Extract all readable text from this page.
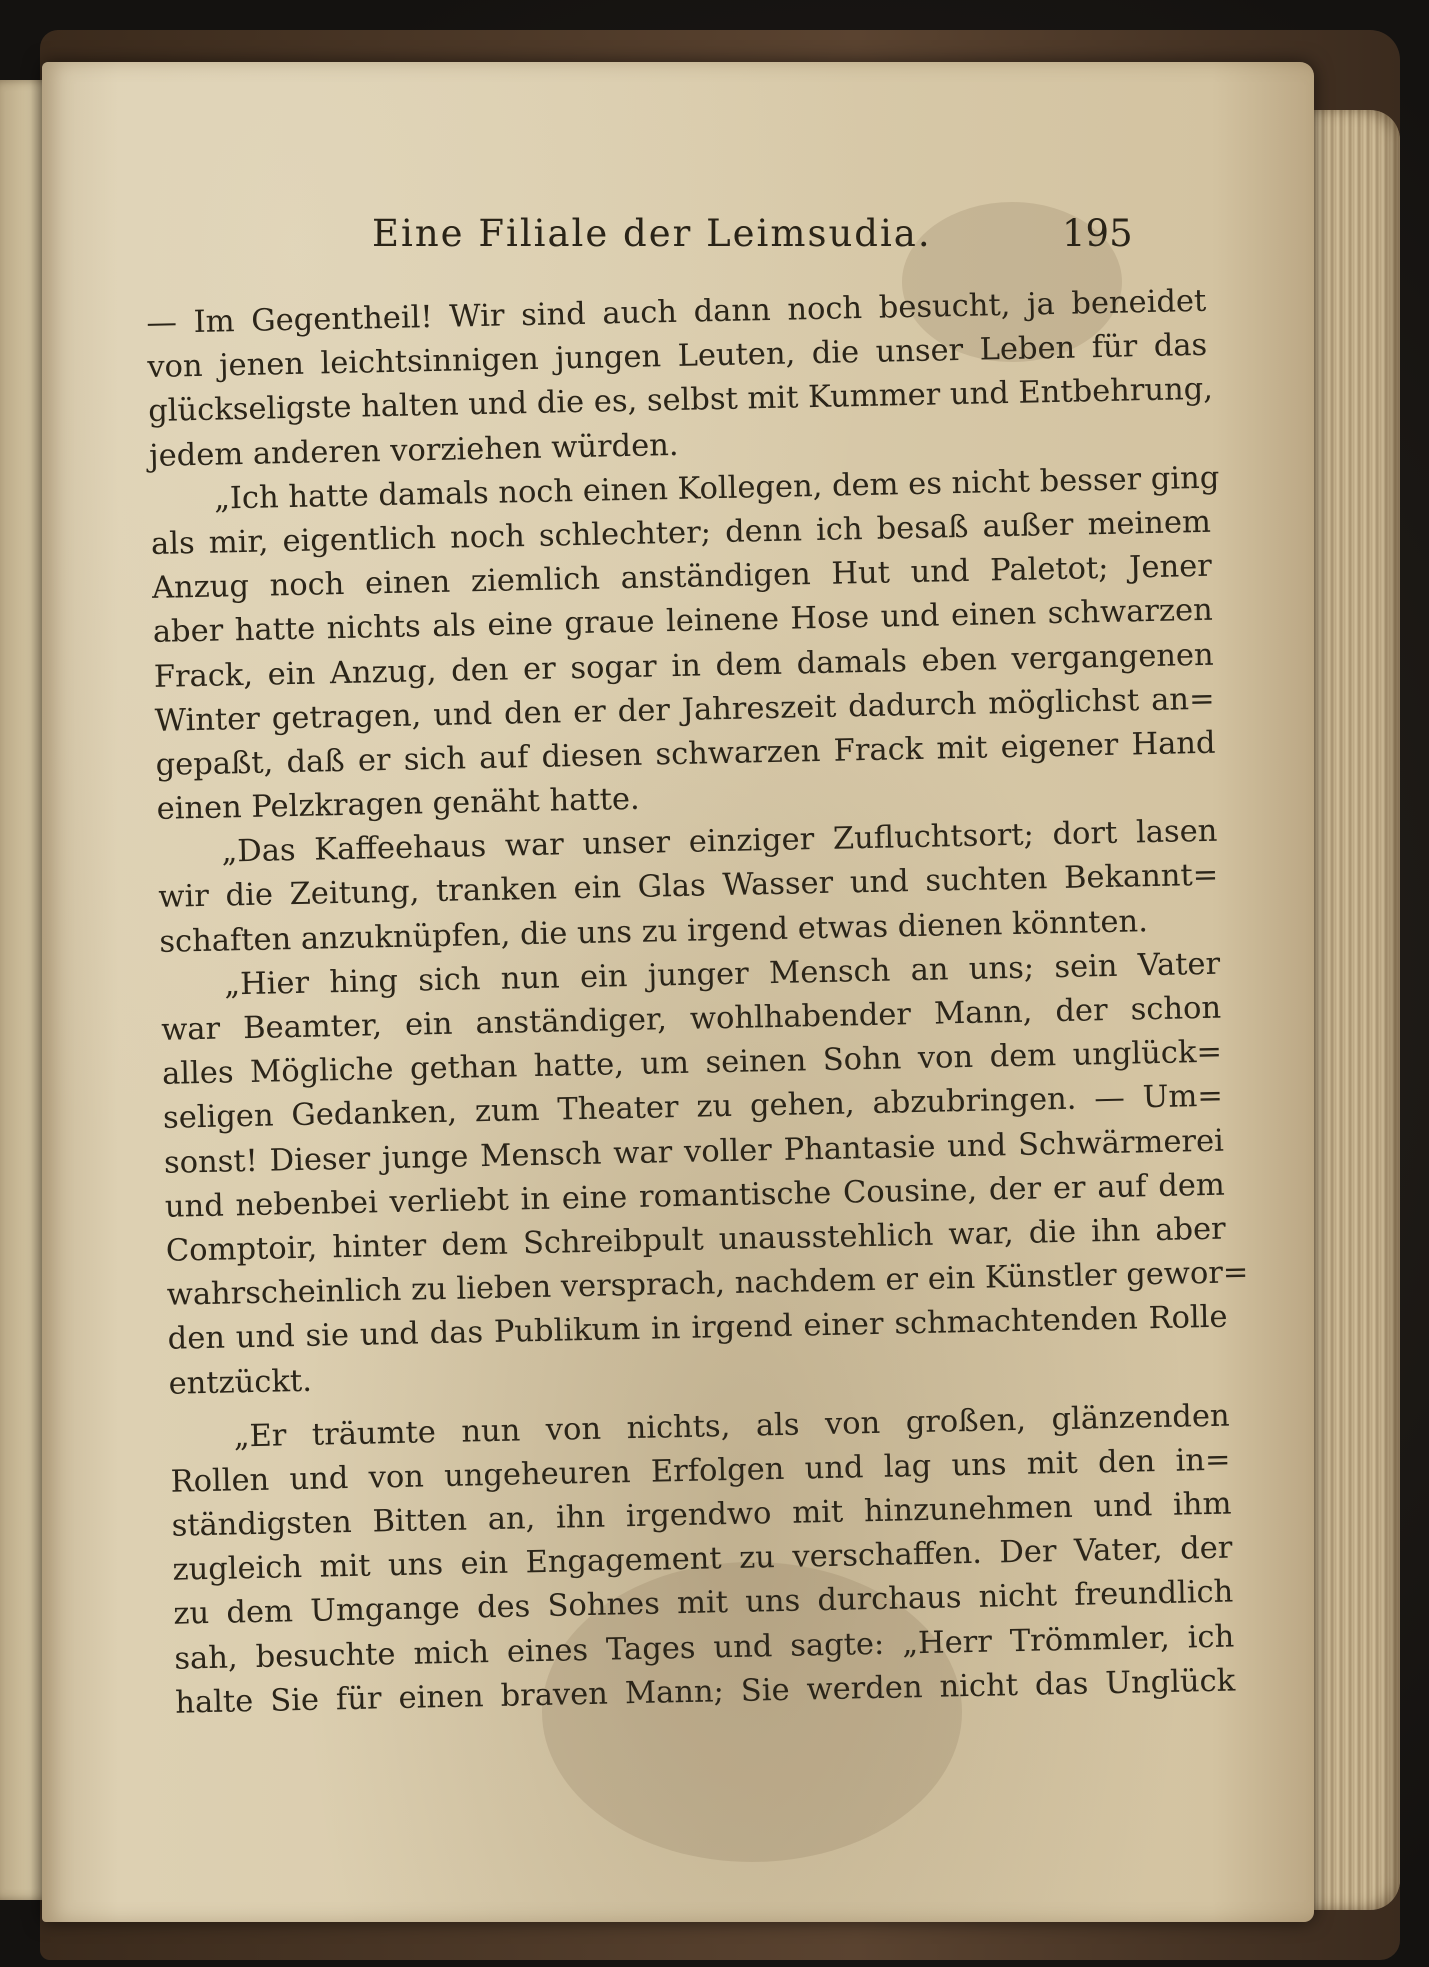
Eine Filiale der Leimsudia.	195
— Im Gegentheil! Wir sind auch dann noch besucht, ja beneidet
von jenen leichtsinnigen jungen Leuten, die unser Leben für das
glückseligste halten und die es, selbst mit Kummer und Entbehrung,
jedem anderen vorziehen würden.
„Ich hatte damals noch einen Kollegen, dem es nicht besser ging
als mir, eigentlich noch schlechter; denn ich besaß außer meinem
Anzug noch einen ziemlich anständigen Hut und Paletot; Jener
aber hatte nichts als eine graue leinene Hose und einen schwarzen
Frack, ein Anzug, den er sogar in dem damals eben vergangenen
Winter getragen, und den er der Jahreszeit dadurch möglichst an=
gepaßt, daß er sich auf diesen schwarzen Frack mit eigener Hand
einen Pelzkragen genäht hatte.
„Das Kaffeehaus war unser einziger Zufluchtsort; dort lasen
wir die Zeitung, tranken ein Glas Wasser und suchten Bekannt=
schaften anzuknüpfen, die uns zu irgend etwas dienen könnten.
„Hier hing sich nun ein junger Mensch an uns; sein Vater
war Beamter, ein anständiger, wohlhabender Mann, der schon
alles Mögliche gethan hatte, um seinen Sohn von dem unglück=
seligen Gedanken, zum Theater zu gehen, abzubringen. — Um=
sonst! Dieser junge Mensch war voller Phantasie und Schwärmerei
und nebenbei verliebt in eine romantische Cousine, der er auf dem
Comptoir, hinter dem Schreibpult unausstehlich war, die ihn aber
wahrscheinlich zu lieben versprach, nachdem er ein Künstler gewor=
den und sie und das Publikum in irgend einer schmachtenden Rolle
entzückt.
„Er träumte nun von nichts, als von großen, glänzenden
Rollen und von ungeheuren Erfolgen und lag uns mit den in=
ständigsten Bitten an, ihn irgendwo mit hinzunehmen und ihm
zugleich mit uns ein Engagement zu verschaffen. Der Vater, der
zu dem Umgange des Sohnes mit uns durchaus nicht freundlich
sah, besuchte mich eines Tages und sagte: „Herr Trömmler, ich
halte Sie für einen braven Mann; Sie werden nicht das Unglück
